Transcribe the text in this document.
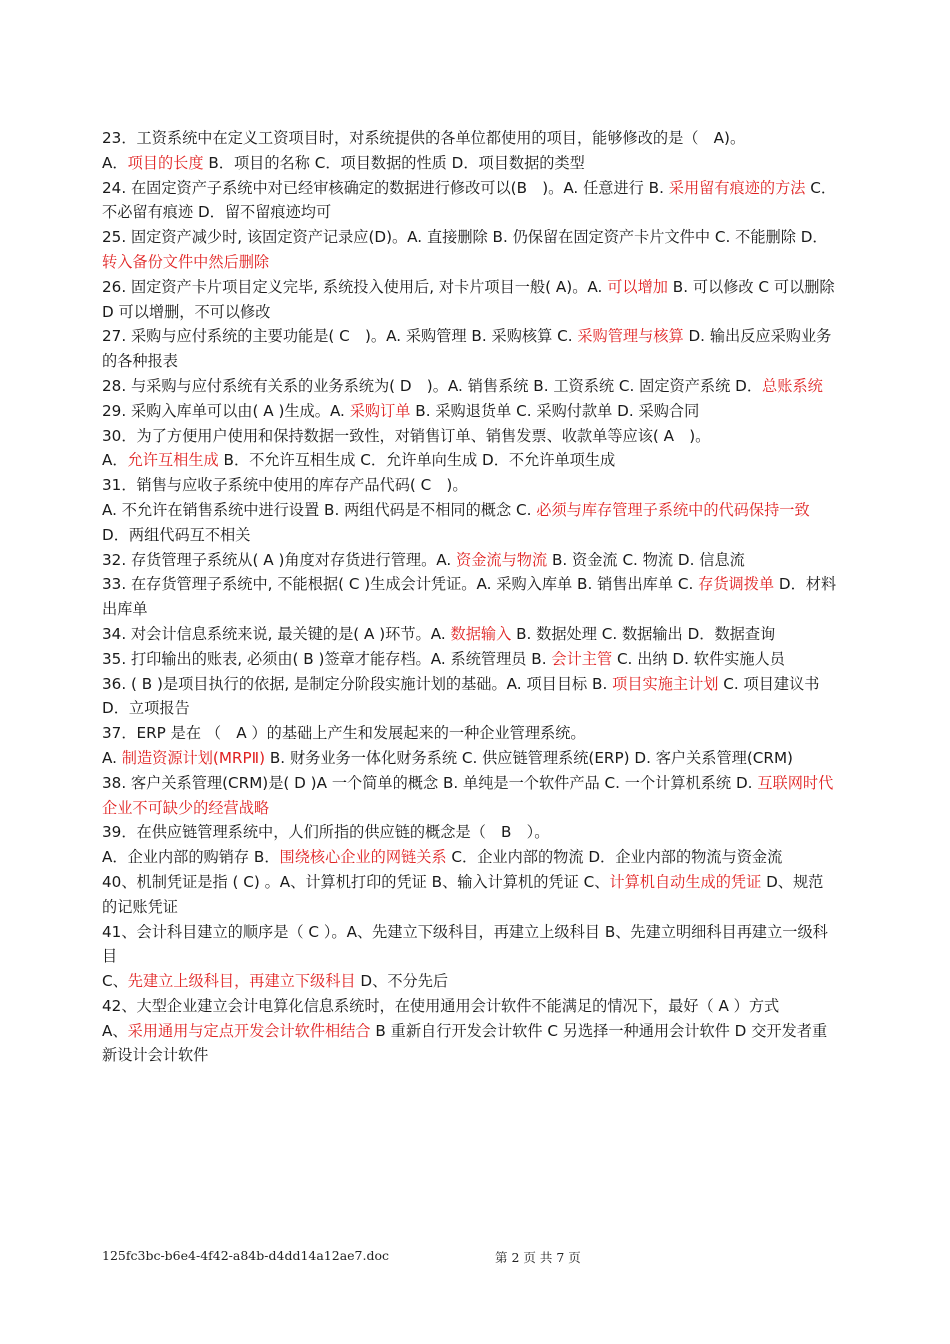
23．工资系统中在定义工资项目时，对系统提供的各单位都使用的项目，能够修改的是（　A)。

A．项目的长度 B．项目的名称 C．项目数据的性质 D．项目数据的类型

24. 在固定资产子系统中对已经审核确定的数据进行修改可以(B　)。A. 任意进行 B. 采用留有痕迹的方法 C．不必留有痕迹 D．留不留痕迹均可

25. 固定资产减少时, 该固定资产记录应(D)。A. 直接删除 B. 仍保留在固定资产卡片文件中 C. 不能删除 D．转入备份文件中然后删除

26. 固定资产卡片项目定义完毕, 系统投入使用后, 对卡片项目一般( A)。A. 可以增加 B. 可以修改 C 可以删除 D 可以增删，不可以修改

27. 采购与应付系统的主要功能是( C　)。A. 采购管理 B. 采购核算 C. 采购管理与核算 D. 输出反应采购业务的各种报表

28. 与采购与应付系统有关系的业务系统为( D　)。A. 销售系统 B. 工资系统 C. 固定资产系统 D．总账系统

29. 采购入库单可以由( A )生成。A. 采购订单 B. 采购退货单 C. 采购付款单 D. 采购合同

30．为了方便用户使用和保持数据一致性，对销售订单、销售发票、收款单等应该( A　)。

A．允许互相生成 B．不允许互相生成 C．允许单向生成 D．不允许单项生成

31．销售与应收子系统中使用的库存产品代码( C　)。

A. 不允许在销售系统中进行设置 B. 两组代码是不相同的概念 C. 必须与库存管理子系统中的代码保持一致 D．两组代码互不相关

32. 存货管理子系统从( A )角度对存货进行管理。A. 资金流与物流 B. 资金流 C. 物流 D. 信息流

33. 在存货管理子系统中, 不能根据( C )生成会计凭证。A. 采购入库单 B. 销售出库单 C. 存货调拨单 D．材料出库单

34. 对会计信息系统来说, 最关键的是( A )环节。A. 数据输入 B. 数据处理 C. 数据输出 D．数据查询

35. 打印输出的账表, 必须由( B )签章才能存档。A. 系统管理员 B. 会计主管 C. 出纳 D. 软件实施人员

36. ( B )是项目执行的依据, 是制定分阶段实施计划的基础。A. 项目目标 B. 项目实施主计划 C. 项目建议书 D．立项报告

37．ERP 是在 （　A ）的基础上产生和发展起来的一种企业管理系统。

A. 制造资源计划(MRPⅡ) B. 财务业务一体化财务系统 C. 供应链管理系统(ERP) D. 客户关系管理(CRM)

38. 客户关系管理(CRM)是( D )A 一个简单的概念 B. 单纯是一个软件产品 C. 一个计算机系统 D. 互联网时代企业不可缺少的经营战略

39．在供应链管理系统中，人们所指的供应链的概念是（　B　）。

A．企业内部的购销存 B．围绕核心企业的网链关系 C．企业内部的物流 D．企业内部的物流与资金流

40、机制凭证是指 ( C) 。A、计算机打印的凭证 B、输入计算机的凭证 C、计算机自动生成的凭证 D、规范的记账凭证

41、会计科目建立的顺序是（ C ）。A、先建立下级科目，再建立上级科目 B、先建立明细科目再建立一级科目

C、先建立上级科目，再建立下级科目 D、不分先后

42、大型企业建立会计电算化信息系统时，在使用通用会计软件不能满足的情况下，最好（ A ）方式

A、采用通用与定点开发会计软件相结合 B 重新自行开发会计软件 C 另选择一种通用会计软件 D 交开发者重新设计会计软件

125fc3bc-b6e4-4f42-a84b-d4dd14a12ae7.doc	第 2 页 共 7 页
